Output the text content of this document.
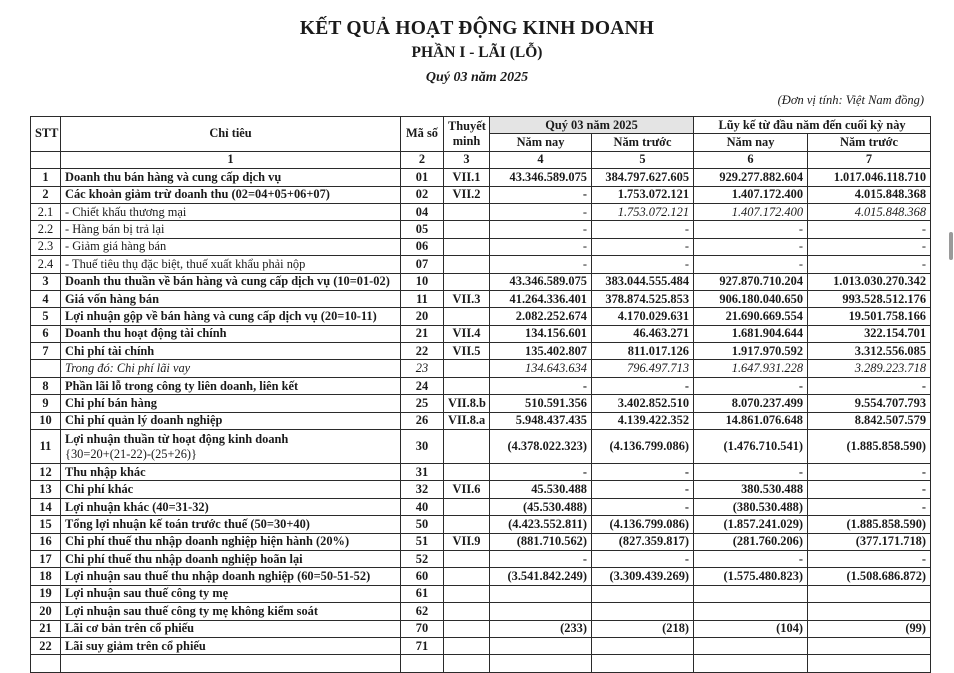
KẾT QUẢ HOẠT ĐỘNG KINH DOANH
PHẦN I - LÃI (LỖ)
Quý 03 năm 2025
(Đơn vị tính: Việt Nam đồng)
STT	Chỉ tiêu	Mã số	Thuyết minh	Quý 03 năm 2025		Lũy kế từ đầu năm đến cuối kỳ này	
				Năm nay	Năm trước	Năm nay	Năm trước
	1	2	3	4	5	6	7
1	Doanh thu bán hàng và cung cấp dịch vụ	01	VII.1	43.346.589.075	384.797.627.605	929.277.882.604	1.017.046.118.710
2	Các khoản giảm trừ doanh thu (02=04+05+06+07)	02	VII.2	-	1.753.072.121	1.407.172.400	4.015.848.368
2.1	- Chiết khấu thương mại	04		-	1.753.072.121	1.407.172.400	4.015.848.368
2.2	- Hàng bán bị trả lại	05		-	-	-	-
2.3	- Giảm giá hàng bán	06		-	-	-	-
2.4	- Thuế tiêu thụ đặc biệt, thuế xuất khẩu phải nộp	07		-	-	-	-
3	Doanh thu thuần về bán hàng và cung cấp dịch vụ (10=01-02)	10		43.346.589.075	383.044.555.484	927.870.710.204	1.013.030.270.342
4	Giá vốn hàng bán	11	VII.3	41.264.336.401	378.874.525.853	906.180.040.650	993.528.512.176
5	Lợi nhuận gộp về bán hàng và cung cấp dịch vụ (20=10-11)	20		2.082.252.674	4.170.029.631	21.690.669.554	19.501.758.166
6	Doanh thu hoạt động tài chính	21	VII.4	134.156.601	46.463.271	1.681.904.644	322.154.701
7	Chi phí tài chính	22	VII.5	135.402.807	811.017.126	1.917.970.592	3.312.556.085
	Trong đó: Chi phí lãi vay	23		134.643.634	796.497.713	1.647.931.228	3.289.223.718
8	Phần lãi lỗ trong công ty liên doanh, liên kết	24		-	-	-	-
9	Chi phí bán hàng	25	VII.8.b	510.591.356	3.402.852.510	8.070.237.499	9.554.707.793
10	Chi phí quản lý doanh nghiệp	26	VII.8.a	5.948.437.435	4.139.422.352	14.861.076.648	8.842.507.579
11	Lợi nhuận thuần từ hoạt động kinh doanh
{30=20+(21-22)-(25+26)}	30		(4.378.022.323)	(4.136.799.086)	(1.476.710.541)	(1.885.858.590)
12	Thu nhập khác	31		-	-	-	-
13	Chi phí khác	32	VII.6	45.530.488	-	380.530.488	-
14	Lợi nhuận khác (40=31-32)	40		(45.530.488)	-	(380.530.488)	-
15	Tổng lợi nhuận kế toán trước thuế (50=30+40)	50		(4.423.552.811)	(4.136.799.086)	(1.857.241.029)	(1.885.858.590)
16	Chi phí thuế thu nhập doanh nghiệp hiện hành (20%)	51	VII.9	(881.710.562)	(827.359.817)	(281.760.206)	(377.171.718)
17	Chi phí thuế thu nhập doanh nghiệp hoãn lại	52		-	-	-	-
18	Lợi nhuận sau thuế thu nhập doanh nghiệp (60=50-51-52)	60		(3.541.842.249)	(3.309.439.269)	(1.575.480.823)	(1.508.686.872)
19	Lợi nhuận sau thuế công ty mẹ	61					
20	Lợi nhuận sau thuế công ty mẹ không kiểm soát	62					
21	Lãi cơ bản trên cổ phiếu	70		(233)	(218)	(104)	(99)
22	Lãi suy giảm trên cổ phiếu	71					
